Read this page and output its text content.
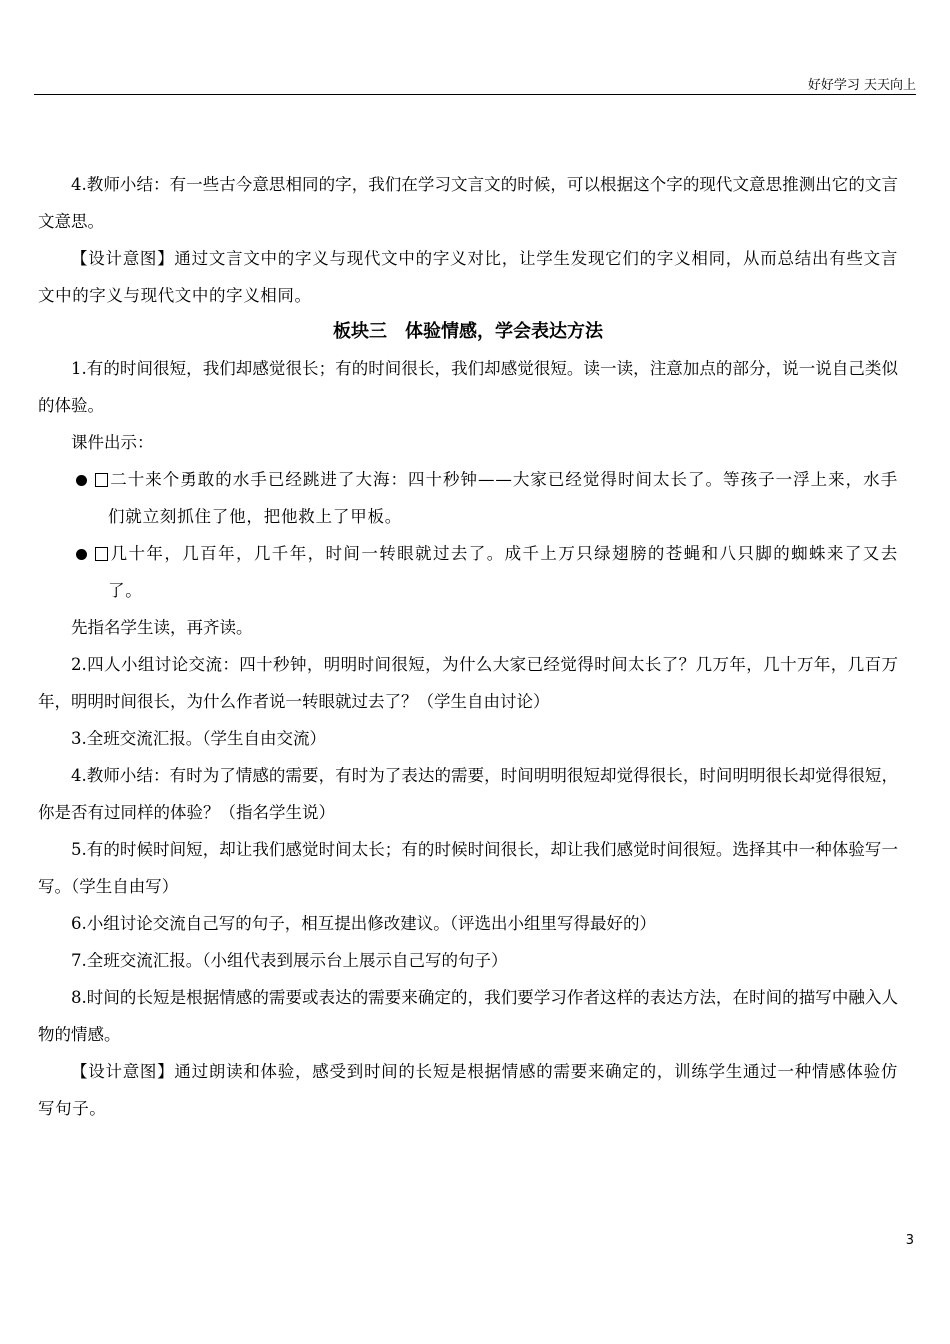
好好学习 天天向上

4.教师小结：有一些古今意思相同的字，我们在学习文言文的时候，可以根据这个字的现代文意思推测出它的文言文意思。

【设计意图】通过文言文中的字义与现代文中的字义对比，让学生发现它们的字义相同，从而总结出有些文言文中的字义与现代文中的字义相同。

板块三　体验情感，学会表达方法

1.有的时间很短，我们却感觉很长；有的时间很长，我们却感觉很短。读一读，注意加点的部分，说一说自己类似的体验。

课件出示：

二十来个勇敢的水手已经跳进了大海：四十秒钟——大家已经觉得时间太长了。等孩子一浮上来，水手们就立刻抓住了他，把他救上了甲板。

几十年，几百年，几千年，时间一转眼就过去了。成千上万只绿翅膀的苍蝇和八只脚的蜘蛛来了又去了。

先指名学生读，再齐读。

2.四人小组讨论交流：四十秒钟，明明时间很短，为什么大家已经觉得时间太长了？几万年，几十万年，几百万年，明明时间很长，为什么作者说一转眼就过去了？（学生自由讨论）

3.全班交流汇报。（学生自由交流）

4.教师小结：有时为了情感的需要，有时为了表达的需要，时间明明很短却觉得很长，时间明明很长却觉得很短，你是否有过同样的体验？（指名学生说）

5.有的时候时间短，却让我们感觉时间太长；有的时候时间很长，却让我们感觉时间很短。选择其中一种体验写一写。（学生自由写）

6.小组讨论交流自己写的句子，相互提出修改建议。（评选出小组里写得最好的）

7.全班交流汇报。（小组代表到展示台上展示自己写的句子）

8.时间的长短是根据情感的需要或表达的需要来确定的，我们要学习作者这样的表达方法，在时间的描写中融入人物的情感。

【设计意图】通过朗读和体验，感受到时间的长短是根据情感的需要来确定的，训练学生通过一种情感体验仿写句子。

3
